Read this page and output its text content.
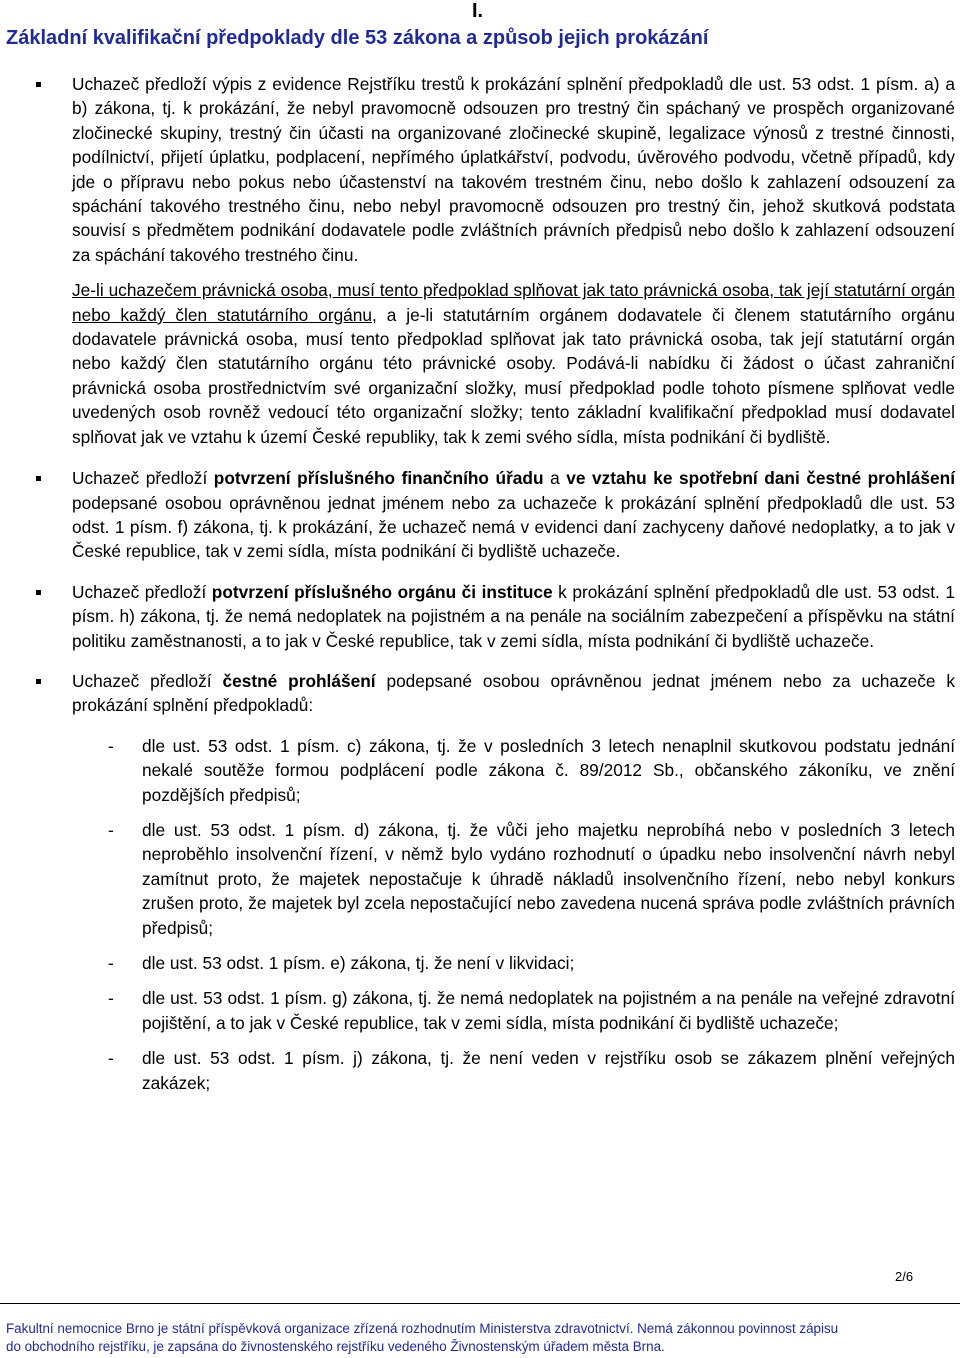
I.
Základní kvalifikační předpoklady dle 53 zákona a způsob jejich prokázání

Uchazeč předloží výpis z evidence Rejstříku trestů k prokázání splnění předpokladů dle ust. 53 odst. 1 písm. a) a b) zákona, tj. k prokázání, že nebyl pravomocně odsouzen pro trestný čin spáchaný ve prospěch organizované zločinecké skupiny, trestný čin účasti na organizované zločinecké skupině, legalizace výnosů z trestné činnosti, podílnictví, přijetí úplatku, podplacení, nepřímého úplatkářství, podvodu, úvěrového podvodu, včetně případů, kdy jde o přípravu nebo pokus nebo účastenství na takovém trestném činu, nebo došlo k zahlazení odsouzení za spáchání takového trestného činu, nebo nebyl pravomocně odsouzen pro trestný čin, jehož skutková podstata souvisí s předmětem podnikání dodavatele podle zvláštních právních předpisů nebo došlo k zahlazení odsouzení za spáchání takového trestného činu.

Je-li uchazečem právnická osoba, musí tento předpoklad splňovat jak tato právnická osoba, tak její statutární orgán nebo každý člen statutárního orgánu, a je-li statutárním orgánem dodavatele či členem statutárního orgánu dodavatele právnická osoba, musí tento předpoklad splňovat jak tato právnická osoba, tak její statutární orgán nebo každý člen statutárního orgánu této právnické osoby. Podává-li nabídku či žádost o účast zahraniční právnická osoba prostřednictvím své organizační složky, musí předpoklad podle tohoto písmene splňovat vedle uvedených osob rovněž vedoucí této organizační složky; tento základní kvalifikační předpoklad musí dodavatel splňovat jak ve vztahu k území České republiky, tak k zemi svého sídla, místa podnikání či bydliště.

Uchazeč předloží potvrzení příslušného finančního úřadu a ve vztahu ke spotřební dani čestné prohlášení podepsané osobou oprávněnou jednat jménem nebo za uchazeče k prokázání splnění předpokladů dle ust. 53 odst. 1 písm. f) zákona, tj. k prokázání, že uchazeč nemá v evidenci daní zachyceny daňové nedoplatky, a to jak v České republice, tak v zemi sídla, místa podnikání či bydliště uchazeče.

Uchazeč předloží potvrzení příslušného orgánu či instituce k prokázání splnění předpokladů dle ust. 53 odst. 1 písm. h) zákona, tj. že nemá nedoplatek na pojistném a na penále na sociálním zabezpečení a příspěvku na státní politiku zaměstnanosti, a to jak v České republice, tak v zemi sídla, místa podnikání či bydliště uchazeče.

Uchazeč předloží čestné prohlášení podepsané osobou oprávněnou jednat jménem nebo za uchazeče k prokázání splnění předpokladů:

- dle ust. 53 odst. 1 písm. c) zákona, tj. že v posledních 3 letech nenaplnil skutkovou podstatu jednání nekalé soutěže formou podplácení podle zákona č. 89/2012 Sb., občanského zákoníku, ve znění pozdějších předpisů;

- dle ust. 53 odst. 1 písm. d) zákona, tj. že vůči jeho majetku neprobíhá nebo v posledních 3 letech neproběhlo insolvenční řízení, v němž bylo vydáno rozhodnutí o úpadku nebo insolvenční návrh nebyl zamítnut proto, že majetek nepostačuje k úhradě nákladů insolvenčního řízení, nebo nebyl konkurs zrušen proto, že majetek byl zcela nepostačující nebo zavedena nucená správa podle zvláštních právních předpisů;

- dle ust. 53 odst. 1 písm. e) zákona, tj. že není v likvidaci;

- dle ust. 53 odst. 1 písm. g) zákona, tj. že nemá nedoplatek na pojistném a na penále na veřejné zdravotní pojištění, a to jak v České republice, tak v zemi sídla, místa podnikání či bydliště uchazeče;

- dle ust. 53 odst. 1 písm. j) zákona, tj. že není veden v rejstříku osob se zákazem plnění veřejných zakázek;

2/6
Fakultní nemocnice Brno je státní příspěvková organizace zřízená rozhodnutím Ministerstva zdravotnictví. Nemá zákonnou povinnost zápisu
do obchodního rejstříku, je zapsána do živnostenského rejstříku vedeného Živnostenským úřadem města Brna.
